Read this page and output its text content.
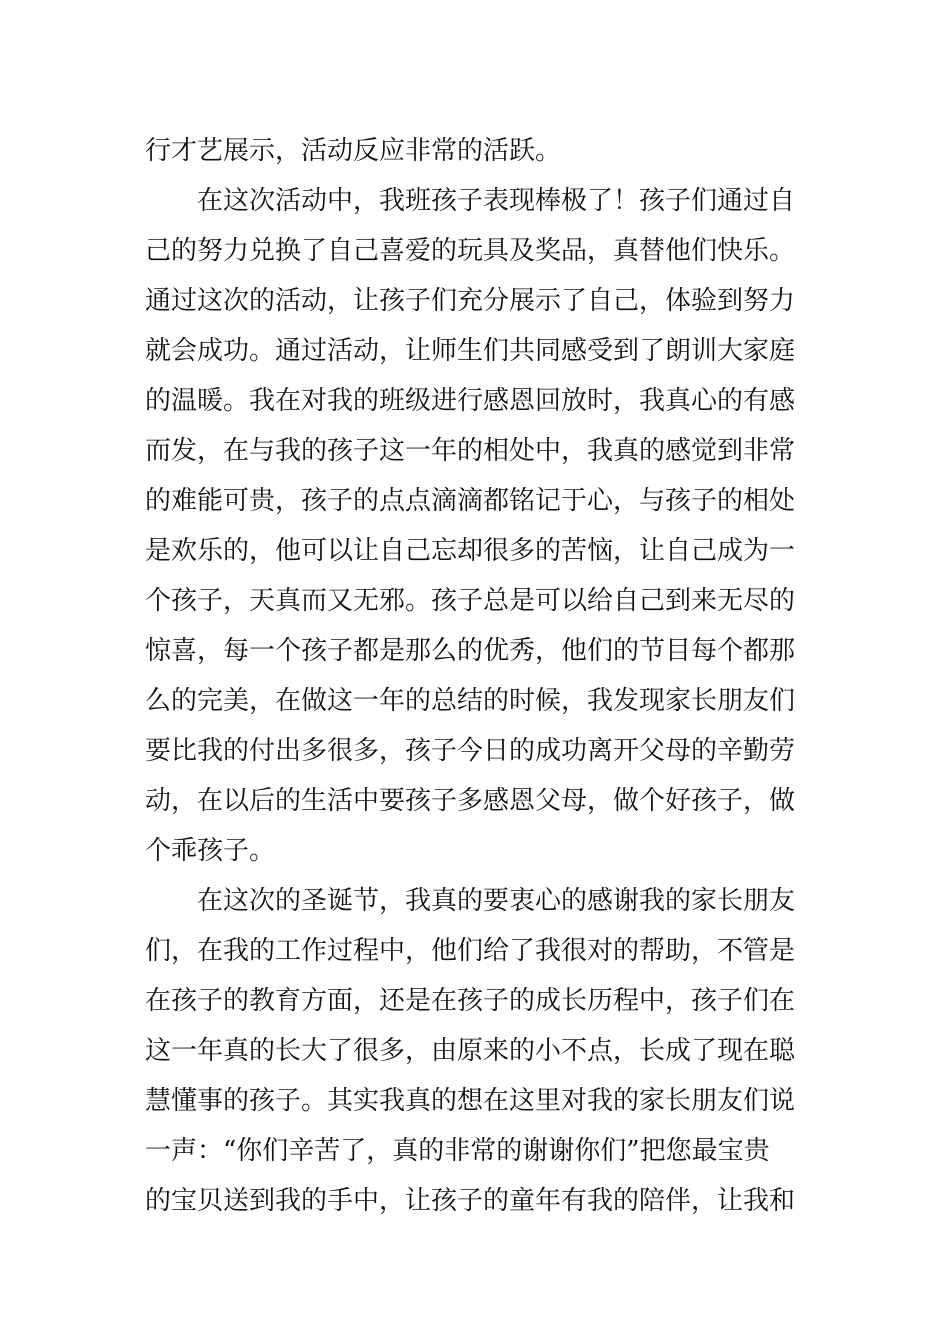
行才艺展示，活动反应非常的活跃。
　　在这次活动中，我班孩子表现棒极了！孩子们通过自
己的努力兑换了自己喜爱的玩具及奖品，真替他们快乐。
通过这次的活动，让孩子们充分展示了自己，体验到努力
就会成功。通过活动，让师生们共同感受到了朗训大家庭
的温暖。我在对我的班级进行感恩回放时，我真心的有感
而发，在与我的孩子这一年的相处中，我真的感觉到非常
的难能可贵，孩子的点点滴滴都铭记于心，与孩子的相处
是欢乐的，他可以让自己忘却很多的苦恼，让自己成为一
个孩子，天真而又无邪。孩子总是可以给自己到来无尽的
惊喜，每一个孩子都是那么的优秀，他们的节目每个都那
么的完美，在做这一年的总结的时候，我发现家长朋友们
要比我的付出多很多，孩子今日的成功离开父母的辛勤劳
动，在以后的生活中要孩子多感恩父母，做个好孩子，做
个乖孩子。
　　在这次的圣诞节，我真的要衷心的感谢我的家长朋友
们，在我的工作过程中，他们给了我很对的帮助，不管是
在孩子的教育方面，还是在孩子的成长历程中，孩子们在
这一年真的长大了很多，由原来的小不点，长成了现在聪
慧懂事的孩子。其实我真的想在这里对我的家长朋友们说
一声：“你们辛苦了，真的非常的谢谢你们”把您最宝贵
的宝贝送到我的手中，让孩子的童年有我的陪伴，让我和
